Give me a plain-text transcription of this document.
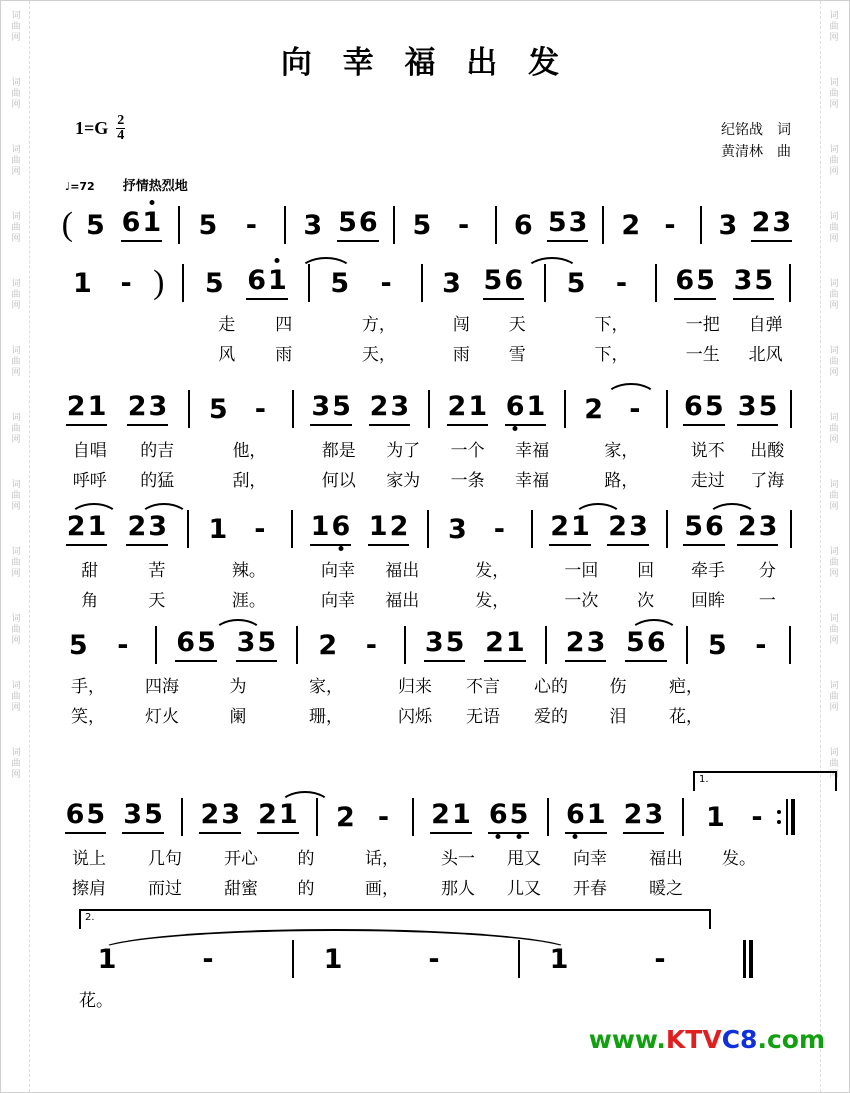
词
曲
网
词
曲
网
词
曲
网
词
曲
网
词
曲
网
词
曲
网
词
曲
网
词
曲
网
词
曲
网
词
曲
网
词
曲
网
词
曲
网
词
曲
网
词
曲
网
词
曲
网
词
曲
网
词
曲
网
词
曲
网
词
曲
网
词
曲
网
词
曲
网
词
曲
网
词
曲
网
词
曲
网
向 幸 福 出 发
$1=G \frac{2}{4}$	纪铭战 词
黄清林 曲
♩=72 抒情热烈地
( 5 6 1 5 - 3 5 6 5 - 6 5 3 2 - 3 2 3
1 - )	5 6 1 5 - 3 5 6 5 - 6 5 3 5
走	四	方，	闯	天	下，	一把	自弹
风	雨	天，	雨	雪	下，	一生	北风
2 1 2 3 5 - 3 5 2 3 2 1 6 1 2 - 6 5 3 5
自唱	的吉	他，	都是	为了	一个	幸福	家，	说不	出酸
呼呼	的猛	刮，	何以	家为	一条	幸福	路，	走过	了海
2 1 2 3 1 - 1 6 1 2 3 - 2 1 2 3 5 6 2 3
甜	苦	辣。	向幸	福出	发，	一回	回	牵手	分
角	天	涯。	向幸	福出	发，	一次	次	回眸	一
5 - 6 5 3 5 2 - 3 5 2 1 2 3 5 6 5 -
手，	四海	为	家，	归来	不言	心的	伤	疤，
笑，	灯火	阑	珊，	闪烁	无语	爱的	泪	花，
1.
6 5 3 5 2 3 2 1 2 - 2 1 6 5 6 1 2 3 1 -
说上	几句	开心	的	话，	头一	甩又	向幸	福出	发。
擦肩	而过	甜蜜	的	画，	那人	儿又	开春	暖之
2.
1	-	1	-	1	-
花。
www.KTVC8.com
